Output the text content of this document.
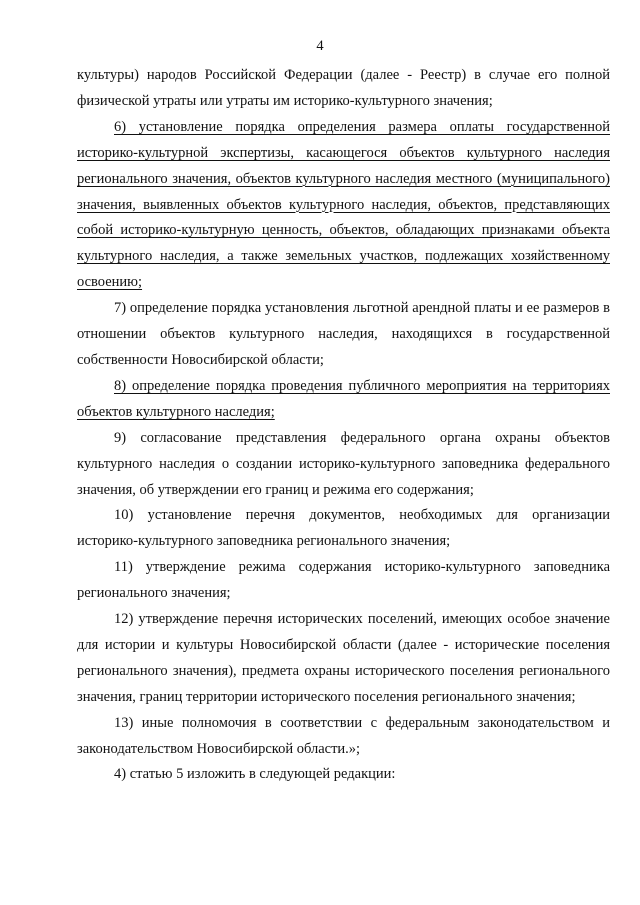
4

культуры) народов Российской Федерации (далее - Реестр) в случае его полной физической утраты или утраты им историко-культурного значения;

6) установление порядка определения размера оплаты государственной историко-культурной экспертизы, касающегося объектов культурного наследия регионального значения, объектов культурного наследия местного (муниципального) значения, выявленных объектов культурного наследия, объектов, представляющих собой историко-культурную ценность, объектов, обладающих признаками объекта культурного наследия, а также земельных участков, подлежащих хозяйственному освоению;

7) определение порядка установления льготной арендной платы и ее размеров в отношении объектов культурного наследия, находящихся в государственной собственности Новосибирской области;

8) определение порядка проведения публичного мероприятия на территориях объектов культурного наследия;

9) согласование представления федерального органа охраны объектов культурного наследия о создании историко-культурного заповедника федерального значения, об утверждении его границ и режима его содержания;

10) установление перечня документов, необходимых для организации историко-культурного заповедника регионального значения;

11) утверждение режима содержания историко-культурного заповедника регионального значения;

12) утверждение перечня исторических поселений, имеющих особое значение для истории и культуры Новосибирской области (далее - исторические поселения регионального значения), предмета охраны исторического поселения регионального значения, границ территории исторического поселения регионального значения;

13) иные полномочия в соответствии с федеральным законодательством и законодательством Новосибирской области.»;

4) статью 5 изложить в следующей редакции:
